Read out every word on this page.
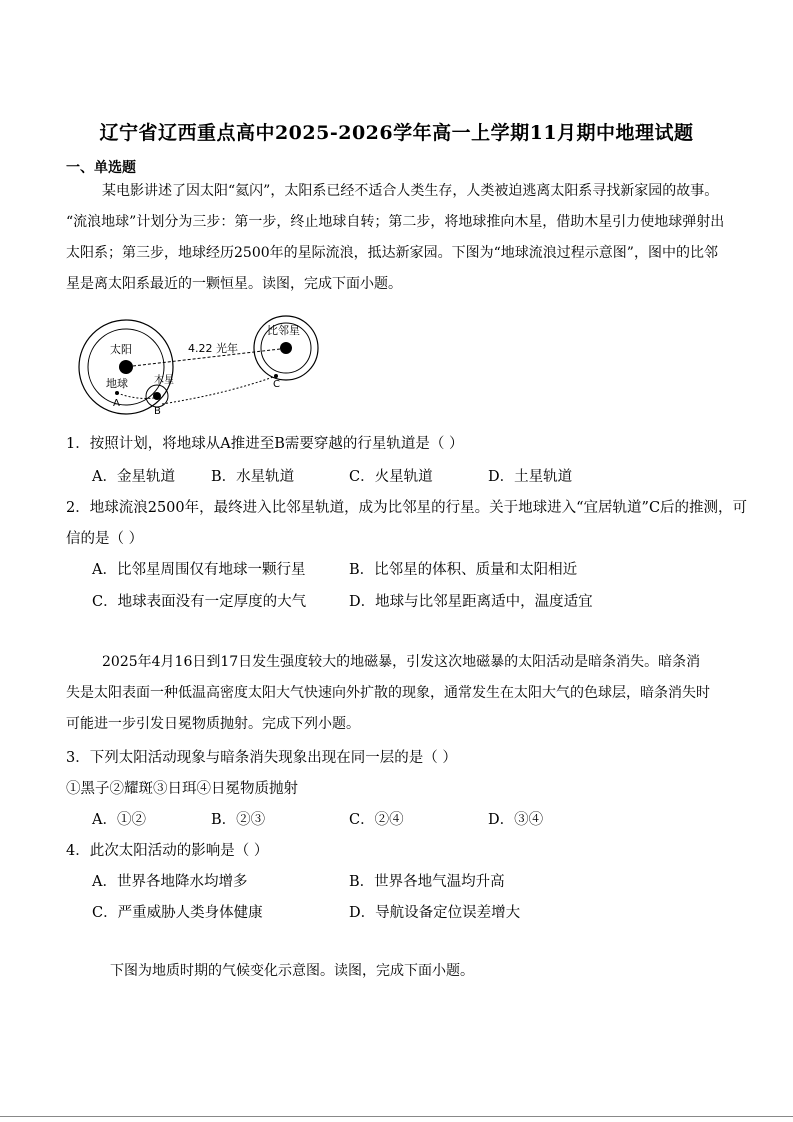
辽宁省辽西重点高中2025-2026学年高一上学期11月期中地理试题
一、单选题
某电影讲述了因太阳“氦闪”，太阳系已经不适合人类生存，人类被迫逃离太阳系寻找新家园的故事。
“流浪地球”计划分为三步：第一步，终止地球自转；第二步，将地球推向木星，借助木星引力使地球弹射出
太阳系；第三步，地球经历2500年的星际流浪，抵达新家园。下图为“地球流浪过程示意图”，图中的比邻
星是离太阳系最近的一颗恒星。读图，完成下面小题。
太阳
地球
A
木星
B
比邻星
C
4.22 光年
1．按照计划，将地球从A推进至B需要穿越的行星轨道是（ ）
A．金星轨道 B．水星轨道	C．火星轨道	D．土星轨道
2．地球流浪2500年，最终进入比邻星轨道，成为比邻星的行星。关于地球进入“宜居轨道”C后的推测，可
信的是（ ）
A．比邻星周围仅有地球一颗行星	B．比邻星的体积、质量和太阳相近
C．地球表面没有一定厚度的大气	D．地球与比邻星距离适中，温度适宜
2025年4月16日到17日发生强度较大的地磁暴，引发这次地磁暴的太阳活动是暗条消失。暗条消
失是太阳表面一种低温高密度太阳大气快速向外扩散的现象，通常发生在太阳大气的色球层，暗条消失时
可能进一步引发日冕物质抛射。完成下列小题。
3．下列太阳活动现象与暗条消失现象出现在同一层的是（ ）
①黑子②耀斑③日珥④日冕物质抛射
A．①②	B．②③	C．②④	D．③④
4．此次太阳活动的影响是（ ）
A．世界各地降水均增多	B．世界各地气温均升高
C．严重威胁人类身体健康	D．导航设备定位误差增大
下图为地质时期的气候变化示意图。读图，完成下面小题。
